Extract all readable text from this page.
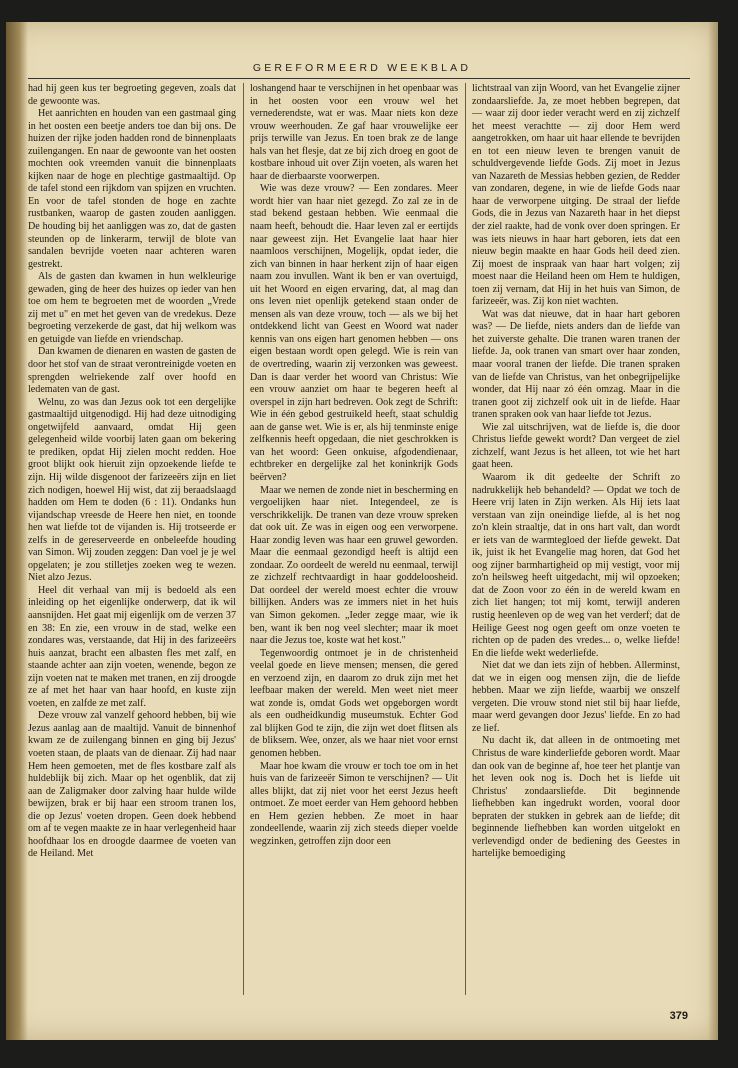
GEREFORMEERD WEEKBLAD

had hij geen kus ter begroeting gegeven, zoals dat de gewoonte was.

Het aanrichten en houden van een gastmaal ging in het oosten een beetje anders toe dan bij ons. De huizen der rijke joden hadden rond de binnenplaats zuilengangen. En naar de gewoonte van het oosten mochten ook vreemden vanuit die binnenplaats kijken naar de hoge en plechtige gastmaaltijd. Op de tafel stond een rijkdom van spijzen en vruchten. En voor de tafel stonden de hoge en zachte rustbanken, waarop de gasten zouden aanliggen. De houding bij het aanliggen was zo, dat de gasten steunden op de linkerarm, terwijl de blote van sandalen bevrijde voeten naar achteren waren gestrekt.

Als de gasten dan kwamen in hun welkleurige gewaden, ging de heer des huizes op ieder van hen toe om hem te begroeten met de woorden „Vrede zij met u" en met het geven van de vredekus. Deze begroeting verzekerde de gast, dat hij welkom was en getuigde van liefde en vriendschap.

Dan kwamen de dienaren en wasten de gasten de door het stof van de straat verontreinigde voeten en sprengden welriekende zalf over hoofd en ledematen van de gast.

Welnu, zo was dan Jezus ook tot een dergelijke gastmaaltijd uitgenodigd. Hij had deze uitnodiging ongetwijfeld aanvaard, omdat Hij geen gelegenheid wilde voorbij laten gaan om bekering te prediken, opdat Hij zielen mocht redden. Hoe groot blijkt ook hieruit zijn opzoekende liefde te zijn. Hij wilde disgenoot der farizeeërs zijn en liet zich nodigen, hoewel Hij wist, dat zij beraadslaagd hadden om Hem te doden (6 : 11). Ondanks hun vijandschap vreesde de Heere hen niet, en toonde hen wat liefde tot de vijanden is. Hij trotseerde er zelfs in de gereserveerde en onbeleefde houding van Simon. Wij zouden zeggen: Dan voel je je wel opgelaten; je zou stilletjes zoeken weg te wezen. Niet alzo Jezus.

Heel dit verhaal van mij is bedoeld als een inleiding op het eigenlijke onderwerp, dat ik wil aansnijden. Het gaat mij eigenlijk om de verzen 37 en 38: En zie, een vrouw in de stad, welke een zondares was, verstaande, dat Hij in des farizeeërs huis aanzat, bracht een albasten fles met zalf, en staande achter aan zijn voeten, wenende, begon ze zijn voeten nat te maken met tranen, en zij droogde ze af met het haar van haar hoofd, en kuste zijn voeten, en zalfde ze met zalf.

Deze vrouw zal vanzelf gehoord hebben, bij wie Jezus aanlag aan de maaltijd. Vanuit de binnenhof kwam ze de zuilengang binnen en ging bij Jezus' voeten staan, de plaats van de dienaar. Zij had naar Hem heen gemoeten, met de fles kostbare zalf als huldeblijk bij zich. Maar op het ogenblik, dat zij aan de Zaligmaker door zalving haar hulde wilde bewijzen, brak er bij haar een stroom tranen los, die op Jezus' voeten dropen. Geen doek hebbend om af te vegen maakte ze in haar verlegenheid haar hoofdhaar los en droogde daarmee de voeten van de Heiland. Met

loshangend haar te verschijnen in het openbaar was in het oosten voor een vrouw wel het vernederendste, wat er was. Maar niets kon deze vrouw weerhouden. Ze gaf haar vrouwelijke eer prijs terwille van Jezus. En toen brak ze de lange hals van het flesje, dat ze bij zich droeg en goot de kostbare inhoud uit over Zijn voeten, als waren het haar de dierbaarste voorwerpen.

Wie was deze vrouw? — Een zondares. Meer wordt hier van haar niet gezegd. Zo zal ze in de stad bekend gestaan hebben. Wie eenmaal die naam heeft, behoudt die. Haar leven zal er eertijds naar geweest zijn. Het Evangelie laat haar hier naamloos verschijnen, Mogelijk, opdat ieder, die zich van binnen in haar herkent zijn of haar eigen naam zou invullen. Want ik ben er van overtuigd, uit het Woord en eigen ervaring, dat, al mag dan ons leven niet openlijk getekend staan onder de mensen als van deze vrouw, toch — als we bij het ontdekkend licht van Geest en Woord wat nader kennis van ons eigen hart genomen hebben — ons eigen bestaan wordt open gelegd. Wie is rein van de overtreding, waarin zij verzonken was geweest. Dan is daar verder het woord van Christus: Wie een vrouw aanziet om haar te begeren heeft al overspel in zijn hart bedreven. Ook zegt de Schrift: Wie in één gebod gestruikeld heeft, staat schuldig aan de ganse wet. Wie is er, als hij tenminste enige zelfkennis heeft opgedaan, die niet geschrokken is van het woord: Geen onkuise, afgodendienaar, echtbreker en dergelijke zal het koninkrijk Gods beërven?

Maar we nemen de zonde niet in bescherming en vergoelijken haar niet. Integendeel, ze is verschrikkelijk. De tranen van deze vrouw spreken dat ook uit. Ze was in eigen oog een verworpene. Haar zondig leven was haar een gruwel geworden. Maar die eenmaal gezondigd heeft is altijd een zondaar. Zo oordeelt de wereld nu eenmaal, terwijl ze zichzelf rechtvaardigt in haar goddeloosheid. Dat oordeel der wereld moest echter die vrouw billijken. Anders was ze immers niet in het huis van Simon gekomen. „Ieder zegge maar, wie ik ben, want ik ben nog veel slechter; maar ik moet naar die Jezus toe, koste wat het kost."

Tegenwoordig ontmoet je in de christenheid veelal goede en lieve mensen; mensen, die gered en verzoend zijn, en daarom zo druk zijn met het leefbaar maken der wereld. Men weet niet meer wat zonde is, omdat Gods wet opgeborgen wordt als een oudheidkundig museumstuk. Echter God zal blijken God te zijn, die zijn wet doet flitsen als de bliksem. Wee, onzer, als we haar niet voor ernst genomen hebben.

Maar hoe kwam die vrouw er toch toe om in het huis van de farizeeër Simon te verschijnen? — Uit alles blijkt, dat zij niet voor het eerst Jezus heeft ontmoet. Ze moet eerder van Hem gehoord hebben en Hem gezien hebben. Ze moet in haar zondeellende, waarin zij zich steeds dieper voelde wegzinken, getroffen zijn door een

lichtstraal van zijn Woord, van het Evangelie zijner zondaarsliefde. Ja, ze moet hebben begrepen, dat — waar zij door ieder veracht werd en zij zichzelf het meest verachtte — zij door Hem werd aangetrokken, om haar uit haar ellende te bevrijden en tot een nieuw leven te brengen vanuit de schuldvergevende liefde Gods. Zij moet in Jezus van Nazareth de Messias hebben gezien, de Redder van zondaren, degene, in wie de liefde Gods naar haar de verworpene uitging. De straal der liefde Gods, die in Jezus van Nazareth haar in het diepst der ziel raakte, had de vonk over doen springen. Er was iets nieuws in haar hart geboren, iets dat een nieuw begin maakte en haar Gods heil deed zien. Zij moest de inspraak van haar hart volgen; zij moest naar die Heiland heen om Hem te huldigen, toen zij vernam, dat Hij in het huis van Simon, de farizeeër, was. Zij kon niet wachten.

Wat was dat nieuwe, dat in haar hart geboren was? — De liefde, niets anders dan de liefde van het zuiverste gehalte. Die tranen waren tranen der liefde. Ja, ook tranen van smart over haar zonden, maar vooral tranen der liefde. Die tranen spraken van de liefde van Christus, van het onbegrijpelijke wonder, dat Hij naar zó één omzag. Maar in die tranen goot zij zichzelf ook uit in de liefde. Haar tranen spraken ook van haar liefde tot Jezus.

Wie zal uitschrijven, wat de liefde is, die door Christus liefde gewekt wordt? Dan vergeet de ziel zichzelf, want Jezus is het alleen, tot wie het hart gaat heen.

Waarom ik dit gedeelte der Schrift zo nadrukkelijk heb behandeld? — Opdat we toch de Heere vrij laten in Zijn werken. Als Hij iets laat verstaan van zijn oneindige liefde, al is het nog zo'n klein straaltje, dat in ons hart valt, dan wordt er iets van de warmtegloed der liefde gewekt. Dat ik, juist ik het Evangelie mag horen, dat God het oog zijner barmhartigheid op mij vestigt, voor mij zo'n heilsweg heeft uitgedacht, mij wil opzoeken; dat de Zoon voor zo één in de wereld kwam en zich liet hangen; tot mij komt, terwijl anderen rustig heenleven op de weg van het verderf; dat de Heilige Geest nog ogen geeft om onze voeten te richten op de paden des vredes... o, welke liefde! En die liefde wekt wederliefde.

Niet dat we dan iets zijn of hebben. Allerminst, dat we in eigen oog mensen zijn, die de liefde hebben. Maar we zijn liefde, waarbij we onszelf vergeten. Die vrouw stond niet stil bij haar liefde, maar werd gevangen door Jezus' liefde. En zo had ze lief.

Nu dacht ik, dat alleen in de ontmoeting met Christus de ware kinderliefde geboren wordt. Maar dan ook van de beginne af, hoe teer het plantje van het leven ook nog is. Doch het is liefde uit Christus' zondaarsliefde. Dit beginnende liefhebben kan ingedrukt worden, vooral door bepraten der stukken in gebrek aan de liefde; dit beginnende liefhebben kan worden uitgelokt en verlevendigd onder de bediening des Geestes in hartelijke bemoediging

379
